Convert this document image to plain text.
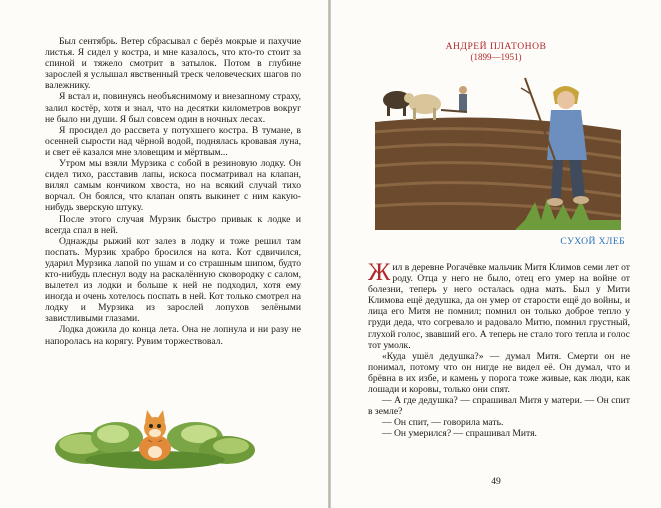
Был сентябрь. Ветер сбрасывал с берёз мокрые и пахучие листья. Я сидел у костра, и мне казалось, что кто-то стоит за спиной и тяжело смотрит в затылок. Потом в глубине зарослей я услышал явственный треск человеческих шагов по валежнику.

Я встал и, повинуясь необъяснимому и внезапному страху, залил костёр, хотя и знал, что на десятки километров вокруг не было ни души. Я был совсем один в ночных лесах.

Я просидел до рассвета у потухшего костра. В тумане, в осенней сырости над чёрной водой, поднялась кровавая луна, и свет её казался мне зловещим и мёртвым...

Утром мы взяли Мурзика с собой в резиновую лодку. Он сидел тихо, расставив лапы, искоса посматривал на клапан, вилял самым кончиком хвоста, но на всякий случай тихо ворчал. Он боялся, что клапан опять выкинет с ним какую-нибудь зверскую штуку.

После этого случая Мурзик быстро привык к лодке и всегда спал в ней.

Однажды рыжий кот залез в лодку и тоже решил там поспать. Мурзик храбро бросился на кота. Кот сдвичился, ударил Мурзика лапой по ушам и со страшным шипом, будто кто-нибудь плеснул воду на раскалённую сковородку с салом, вылетел из лодки и больше к ней не подходил, хотя ему иногда и очень хотелось поспать в ней. Кот только смотрел на лодку и Мурзика из зарослей лопухов зелёными завистливыми глазами.

Лодка дожила до конца лета. Она не лопнула и ни разу не напоролась на корягу. Рувим торжествовал.

АНДРЕЙ ПЛАТОНОВ
(1899—1951)
СУХОЙ ХЛЕБ

Жил в деревне Рогачёвке мальчик Митя Климов семи лет от роду. Отца у него не было, отец его умер на войне от болезни, теперь у него осталась одна мать. Был у Мити Климова ещё дедушка, да он умер от старости ещё до войны, и лица его Митя не помнил; помнил он только доброе тепло у груди деда, что согревало и радовало Митю, помнил грустный, глухой голос, звавший его. А теперь не стало того тепла и голос тот умолк.

«Куда ушёл дедушка?» — думал Митя. Смерти он не понимал, потому что он нигде не видел её. Он думал, что и брёвна в их избе, и камень у порога тоже живые, как люди, как лошади и коровы, только они спят.

— А где дедушка? — спрашивал Митя у матери. — Он спит в земле?

— Он спит, — говорила мать.

— Он умерился? — спрашивал Митя.

49
